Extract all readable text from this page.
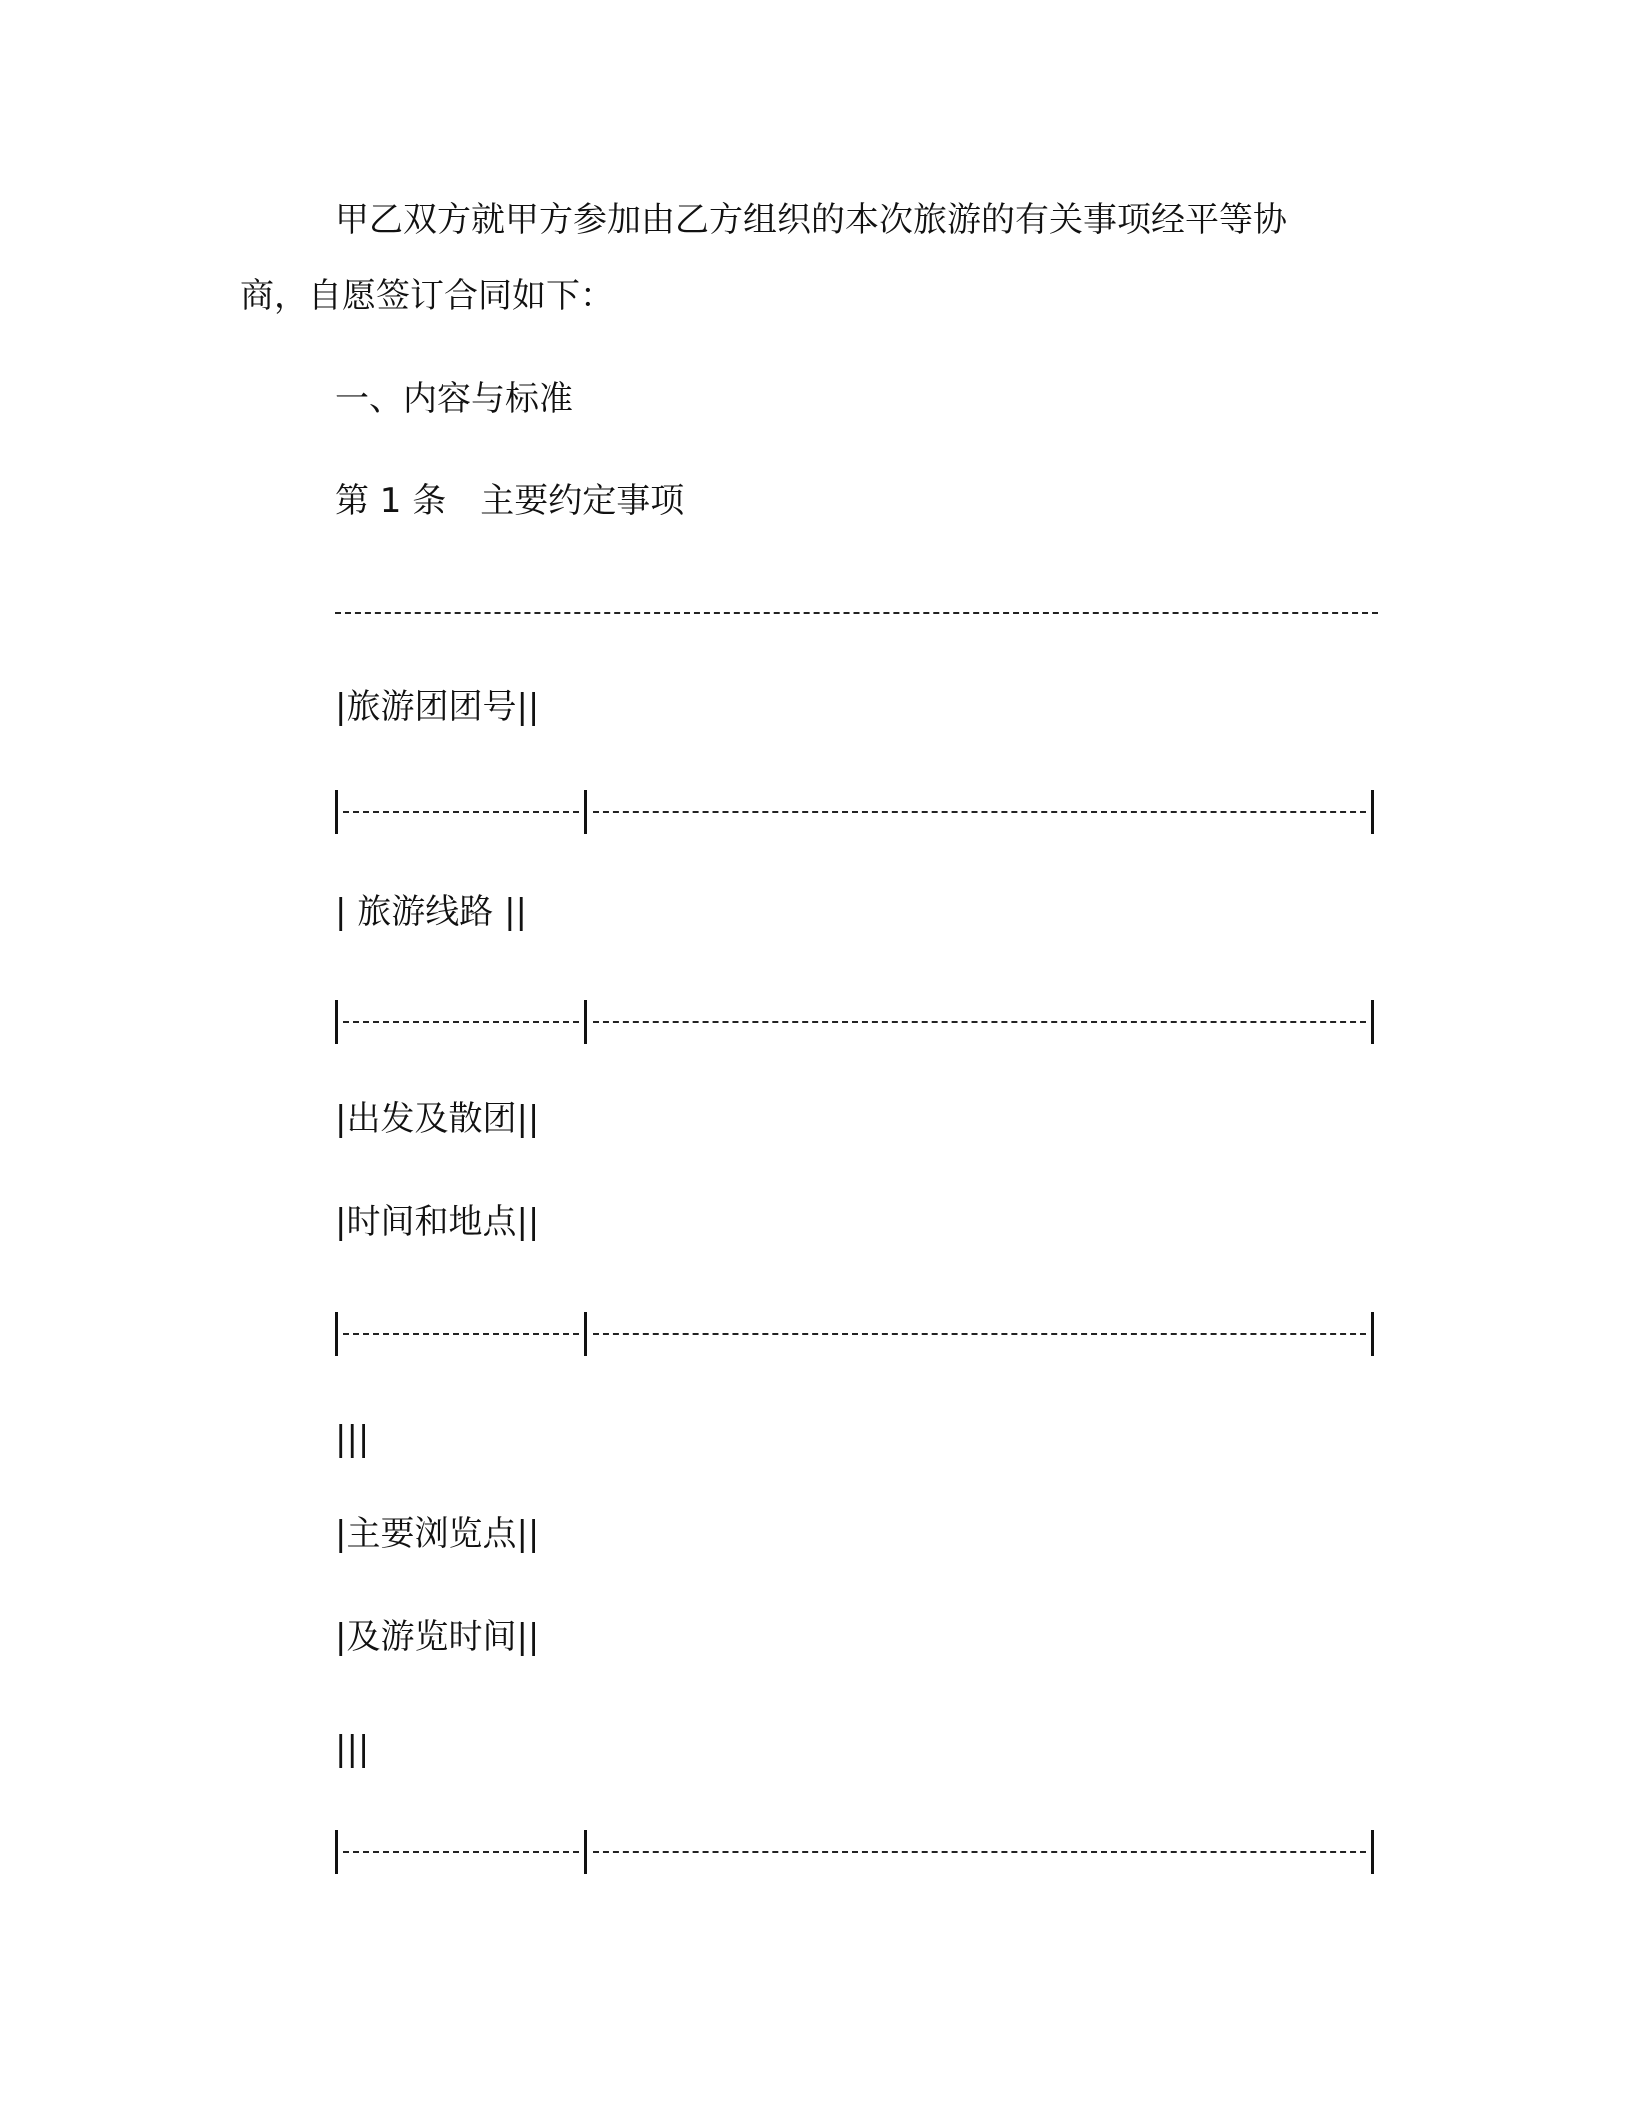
甲乙双方就甲方参加由乙方组织的本次旅游的有关事项经平等协

商，自愿签订合同如下：

一、内容与标准

第 1 条　主要约定事项

|旅游团团号||

| 旅游线路 ||

|出发及散团||

|时间和地点||

|||

|主要浏览点||

|及游览时间||

|||
